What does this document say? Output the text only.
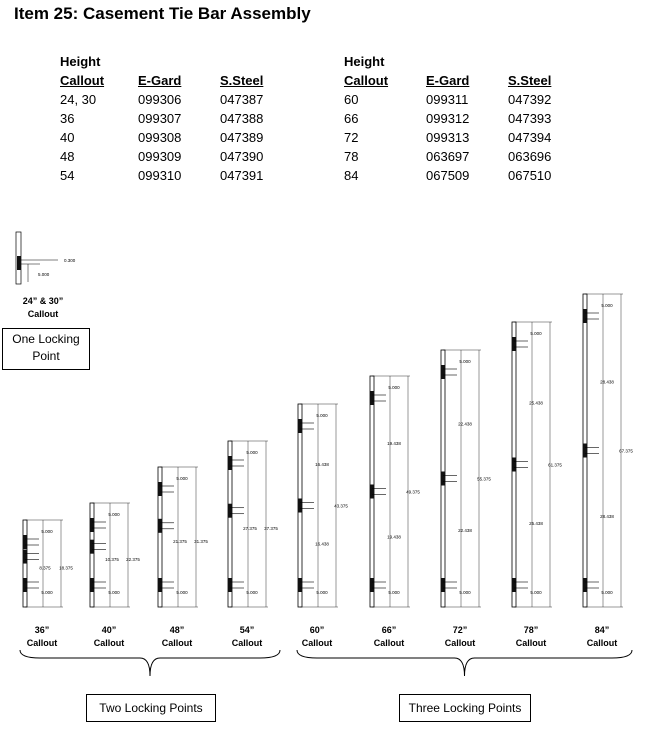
Item 25: Casement Tie Bar Assembly
Height		
Callout	E-Gard	S.Steel
24, 30	099306	047387
36	099307	047388
40	099308	047389
48	099309	047390
54	099310	047391
Height		
Callout	E-Gard	S.Steel
60	099311	047392
66	099312	047393
72	099313	047394
78	063697	063696
84	067509	067510
0.300
5.000
24” & 30”
Callout
5.000
8.375 18.375
5.000
36”
Callout
5.000
10.375 22.375
5.000
40”
Callout
5.000
21.375 31.375
5.000
48”
Callout
5.000
27.375 37.375
5.000
54”
Callout
5.000
16.438
16.438
43.375
5.000
60”
Callout
5.000
19.438
19.438
49.375
5.000
66”
Callout
5.000
22.438
22.438
55.375
5.000
72”
Callout
5.000
25.438
25.438
61.375
5.000
78”
Callout
5.000
28.438
28.438
67.375
5.000
84”
Callout
One Locking Point
Two Locking Points	Three Locking Points
